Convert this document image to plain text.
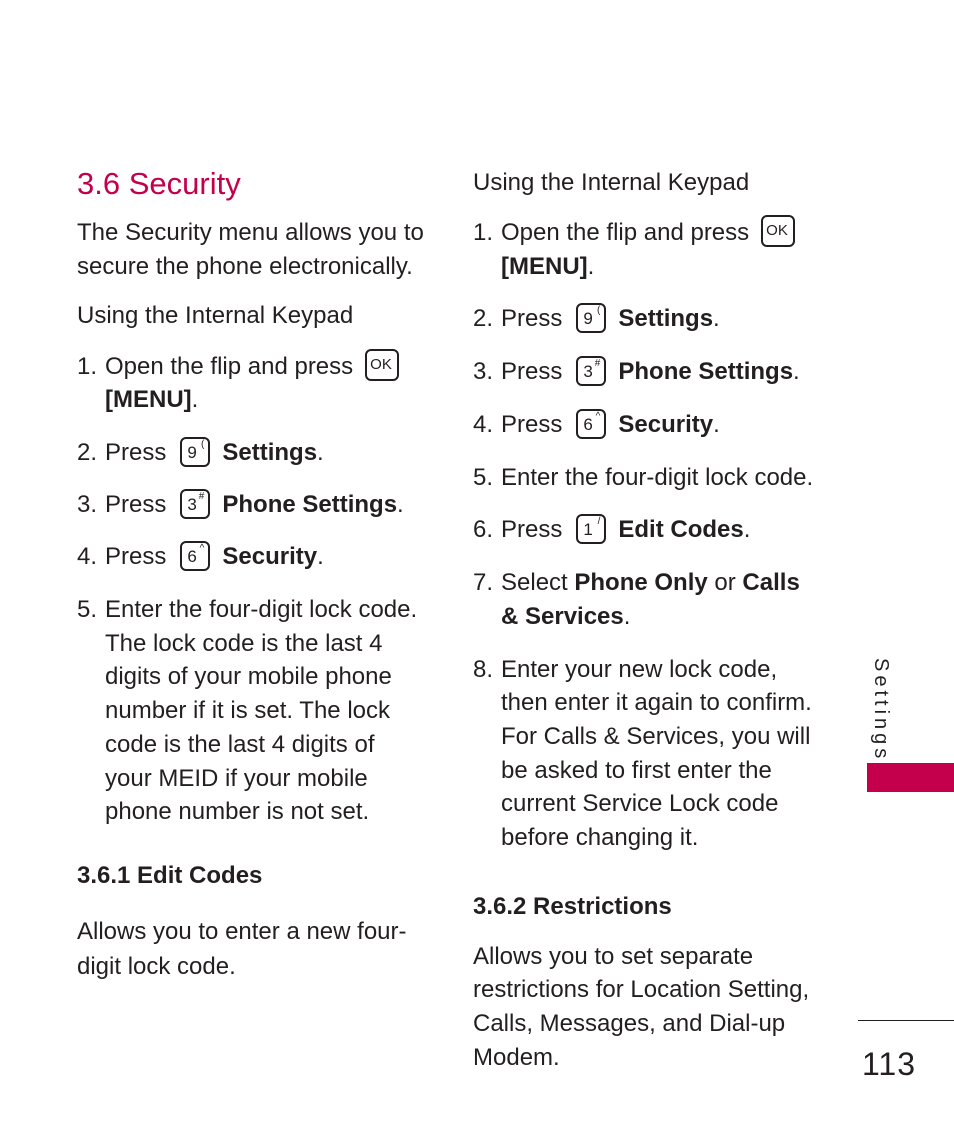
3.6 Security
The Security menu allows you to
secure the phone electronically.
Using the Internal Keypad
1. Open the flip and press OK
[MENU].
2. Press 9 ( Settings.
3. Press 3 # Phone Settings.
4. Press 6 ^ Security.
5. Enter the four-digit lock code.
The lock code is the last 4
digits of your mobile phone
number if it is set. The lock
code is the last 4 digits of
your MEID if your mobile
phone number is not set.
3.6.1 Edit Codes
Allows you to enter a new four-
digit lock code.
Using the Internal Keypad
1. Open the flip and press OK
[MENU].
2. Press 9 ( Settings.
3. Press 3 # Phone Settings.
4. Press 6 ^ Security.
5. Enter the four-digit lock code.
6. Press 1 / Edit Codes.
7. Select Phone Only or Calls
& Services.
8. Enter your new lock code,
then enter it again to confirm.
For Calls & Services, you will
be asked to first enter the
current Service Lock code
before changing it.
3.6.2 Restrictions
Allows you to set separate
restrictions for Location Setting,
Calls, Messages, and Dial-up
Modem.
Settings
113
